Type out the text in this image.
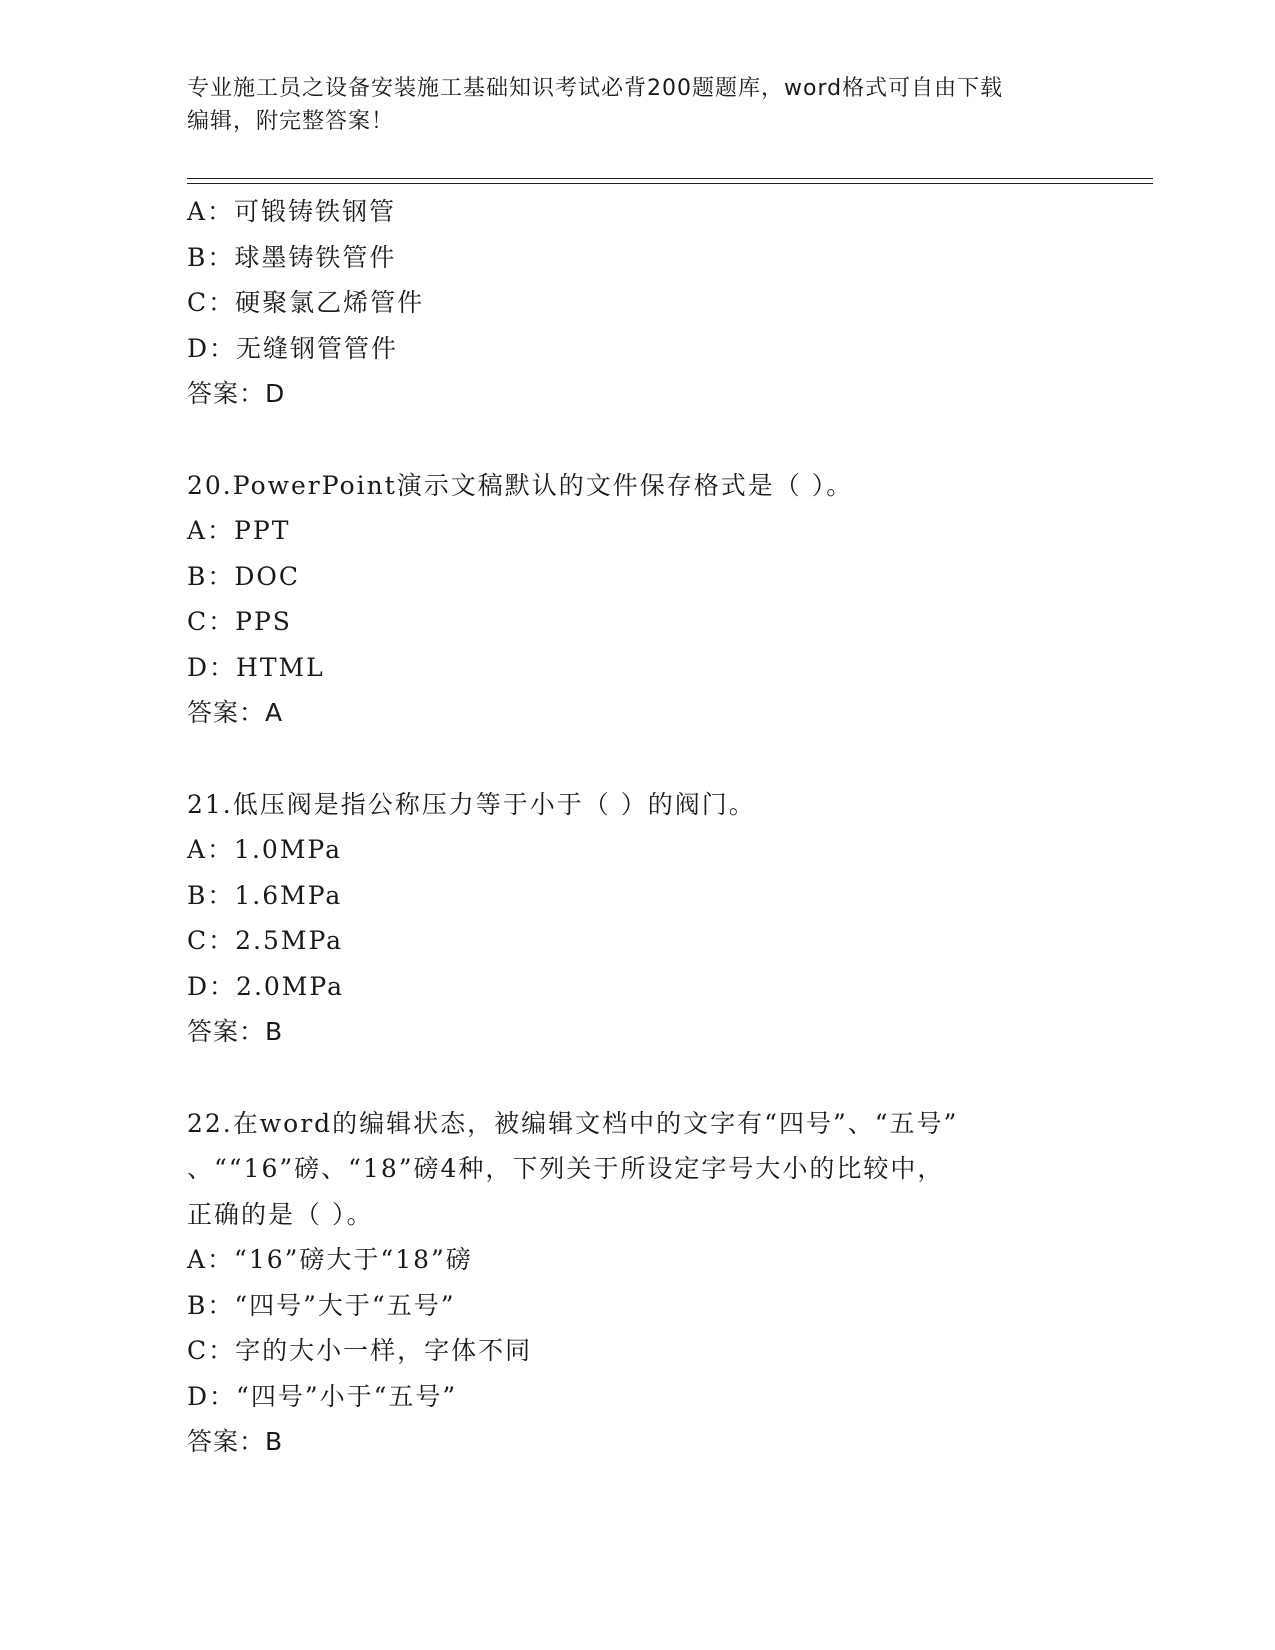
专业施工员之设备安装施工基础知识考试必背200题题库，word格式可自由下载
编辑，附完整答案！
A：可锻铸铁钢管
B：球墨铸铁管件
C：硬聚氯乙烯管件
D：无缝钢管管件
答案：D
20.PowerPoint演示文稿默认的文件保存格式是（ ）。
A：PPT
B：DOC
C：PPS
D：HTML
答案：A
21.低压阀是指公称压力等于小于（ ）的阀门。
A：1.0MPa
B：1.6MPa
C：2.5MPa
D：2.0MPa
答案：B
22.在word的编辑状态，被编辑文档中的文字有“四号”、“五号”
、““16”磅、“18”磅4种，下列关于所设定字号大小的比较中，
正确的是（ ）。
A：“16”磅大于“18”磅
B：“四号”大于“五号”
C：字的大小一样，字体不同
D：“四号”小于“五号”
答案：B
